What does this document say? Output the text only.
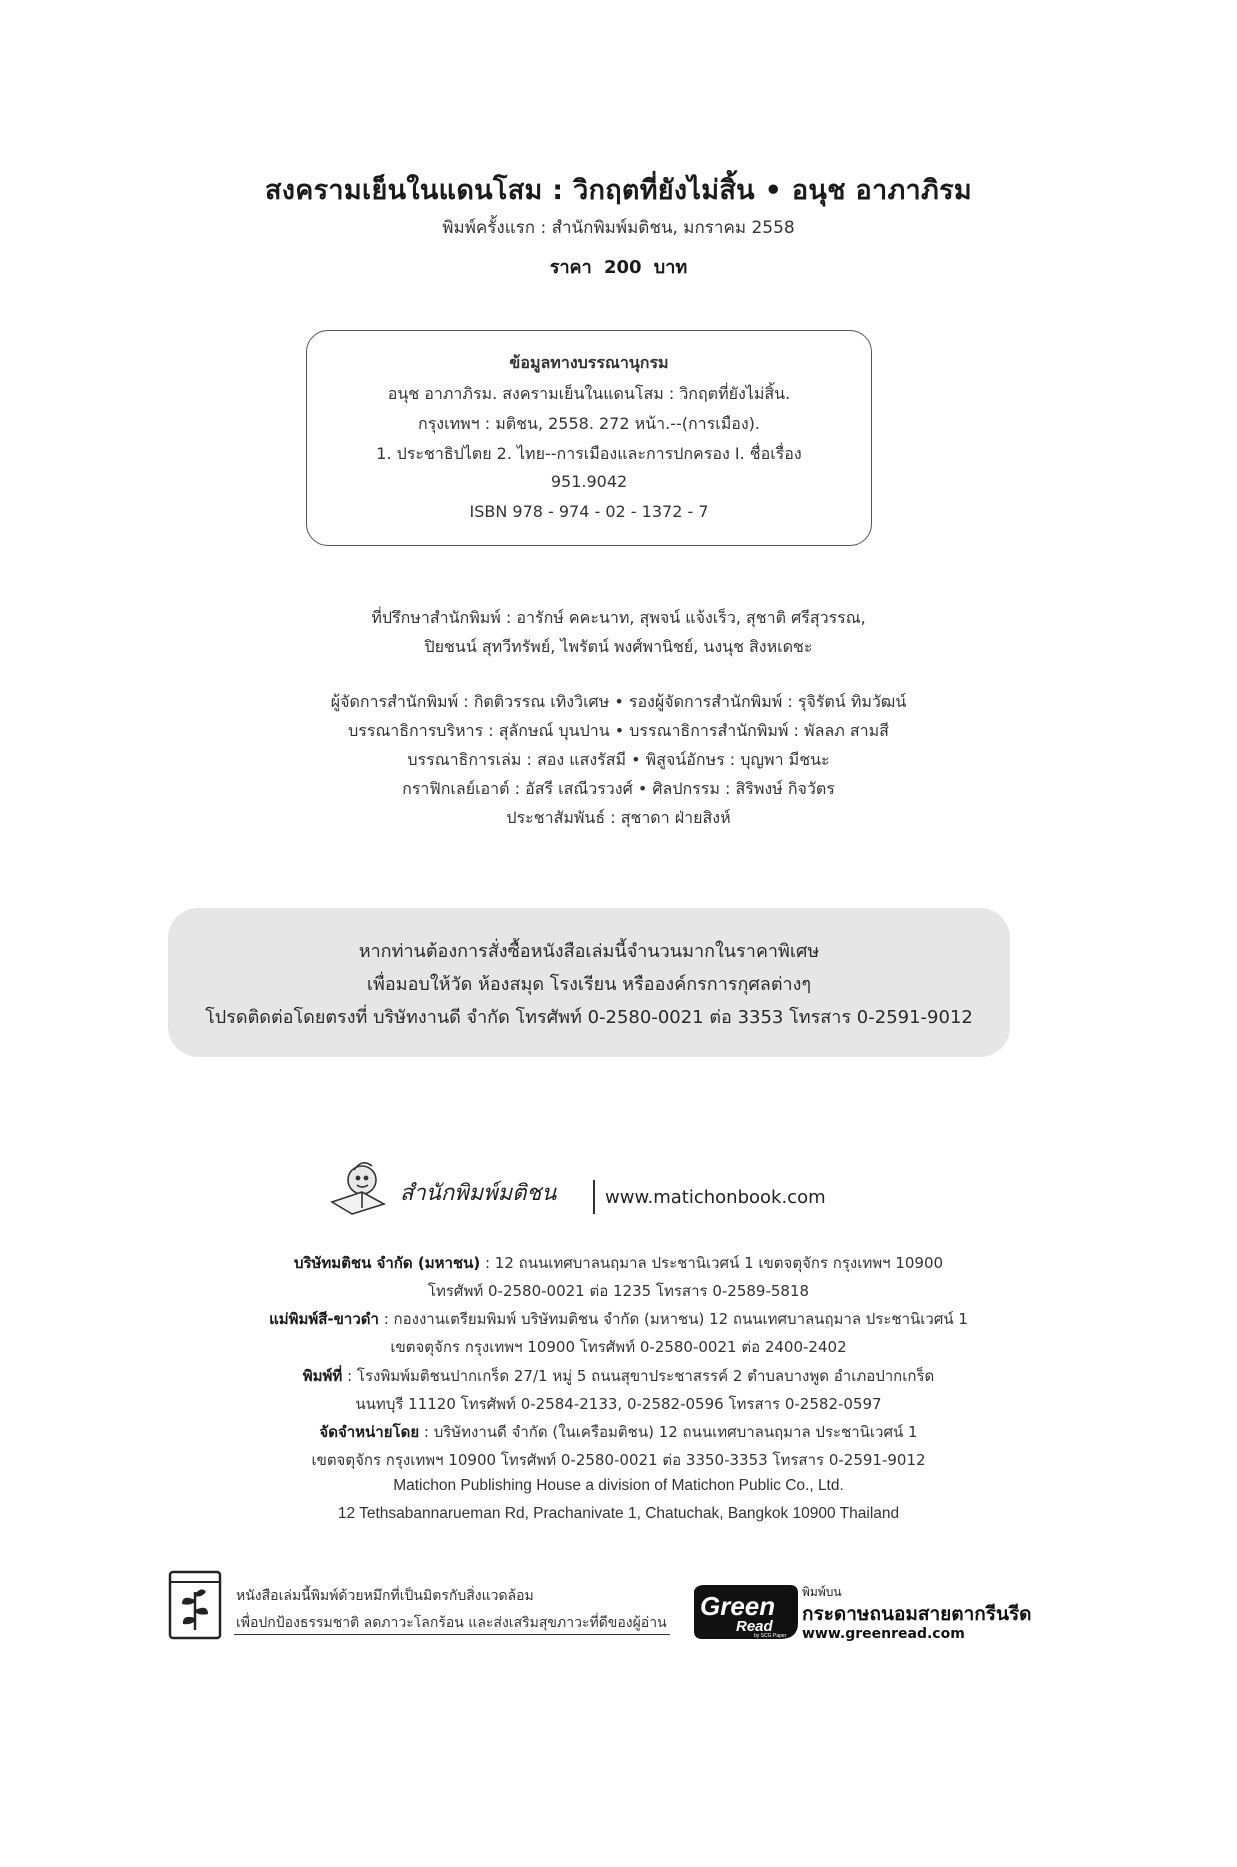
สงครามเย็นในแดนโสม : วิกฤตที่ยังไม่สิ้น • อนุช อาภาภิรม
พิมพ์ครั้งแรก : สำนักพิมพ์มติชน, มกราคม 2558
ราคา 200 บาท
ข้อมูลทางบรรณานุกรม
อนุช อาภาภิรม. สงครามเย็นในแดนโสม : วิกฤตที่ยังไม่สิ้น.
กรุงเทพฯ : มติชน, 2558. 272 หน้า.--(การเมือง).
1. ประชาธิปไตย 2. ไทย--การเมืองและการปกครอง I. ชื่อเรื่อง
951.9042
ISBN 978 - 974 - 02 - 1372 - 7
ที่ปรึกษาสำนักพิมพ์ : อารักษ์ คคะนาท, สุพจน์ แจ้งเร็ว, สุชาติ ศรีสุวรรณ,
ปิยชนน์ สุทวีทรัพย์, ไพรัตน์ พงศ์พานิชย์, นงนุช สิงหเดชะ
ผู้จัดการสำนักพิมพ์ : กิตติวรรณ เทิงวิเศษ • รองผู้จัดการสำนักพิมพ์ : รุจิรัตน์ ทิมวัฒน์
บรรณาธิการบริหาร : สุลักษณ์ บุนปาน • บรรณาธิการสำนักพิมพ์ : พัลลภ สามสี
บรรณาธิการเล่ม : สอง แสงรัสมี • พิสูจน์อักษร : บุญพา มีชนะ
กราฟิกเลย์เอาต์ : อัสรี เสณีวรวงศ์ • ศิลปกรรม : สิริพงษ์ กิจวัตร
ประชาสัมพันธ์ : สุชาดา ฝ่ายสิงห์
หากท่านต้องการสั่งซื้อหนังสือเล่มนี้จำนวนมากในราคาพิเศษ
เพื่อมอบให้วัด ห้องสมุด โรงเรียน หรือองค์กรการกุศลต่างๆ
โปรดติดต่อโดยตรงที่ บริษัทงานดี จำกัด โทรศัพท์ 0-2580-0021 ต่อ 3353 โทรสาร 0-2591-9012
สำนักพิมพ์มติชน	www.matichonbook.com
บริษัทมติชน จำกัด (มหาชน) : 12 ถนนเทศบาลนฤมาล ประชานิเวศน์ 1 เขตจตุจักร กรุงเทพฯ 10900
โทรศัพท์ 0-2580-0021 ต่อ 1235 โทรสาร 0-2589-5818
แม่พิมพ์สี-ขาวดำ : กองงานเตรียมพิมพ์ บริษัทมติชน จำกัด (มหาชน) 12 ถนนเทศบาลนฤมาล ประชานิเวศน์ 1
เขตจตุจักร กรุงเทพฯ 10900 โทรศัพท์ 0-2580-0021 ต่อ 2400-2402
พิมพ์ที่ : โรงพิมพ์มติชนปากเกร็ด 27/1 หมู่ 5 ถนนสุขาประชาสรรค์ 2 ตำบลบางพูด อำเภอปากเกร็ด
นนทบุรี 11120 โทรศัพท์ 0-2584-2133, 0-2582-0596 โทรสาร 0-2582-0597
จัดจำหน่ายโดย : บริษัทงานดี จำกัด (ในเครือมติชน) 12 ถนนเทศบาลนฤมาล ประชานิเวศน์ 1
เขตจตุจักร กรุงเทพฯ 10900 โทรศัพท์ 0-2580-0021 ต่อ 3350-3353 โทรสาร 0-2591-9012
Matichon Publishing House a division of Matichon Public Co., Ltd.
12 Tethsabannarueman Rd, Prachanivate 1, Chatuchak, Bangkok 10900 Thailand
หนังสือเล่มนี้พิมพ์ด้วยหมึกที่เป็นมิตรกับสิ่งแวดล้อม
เพื่อปกป้องธรรมชาติ ลดภาวะโลกร้อน และส่งเสริมสุขภาวะที่ดีของผู้อ่าน
Green
Read
by SCG Paper
พิมพ์บน
กระดาษถนอมสายตากรีนรีด
www.greenread.com
